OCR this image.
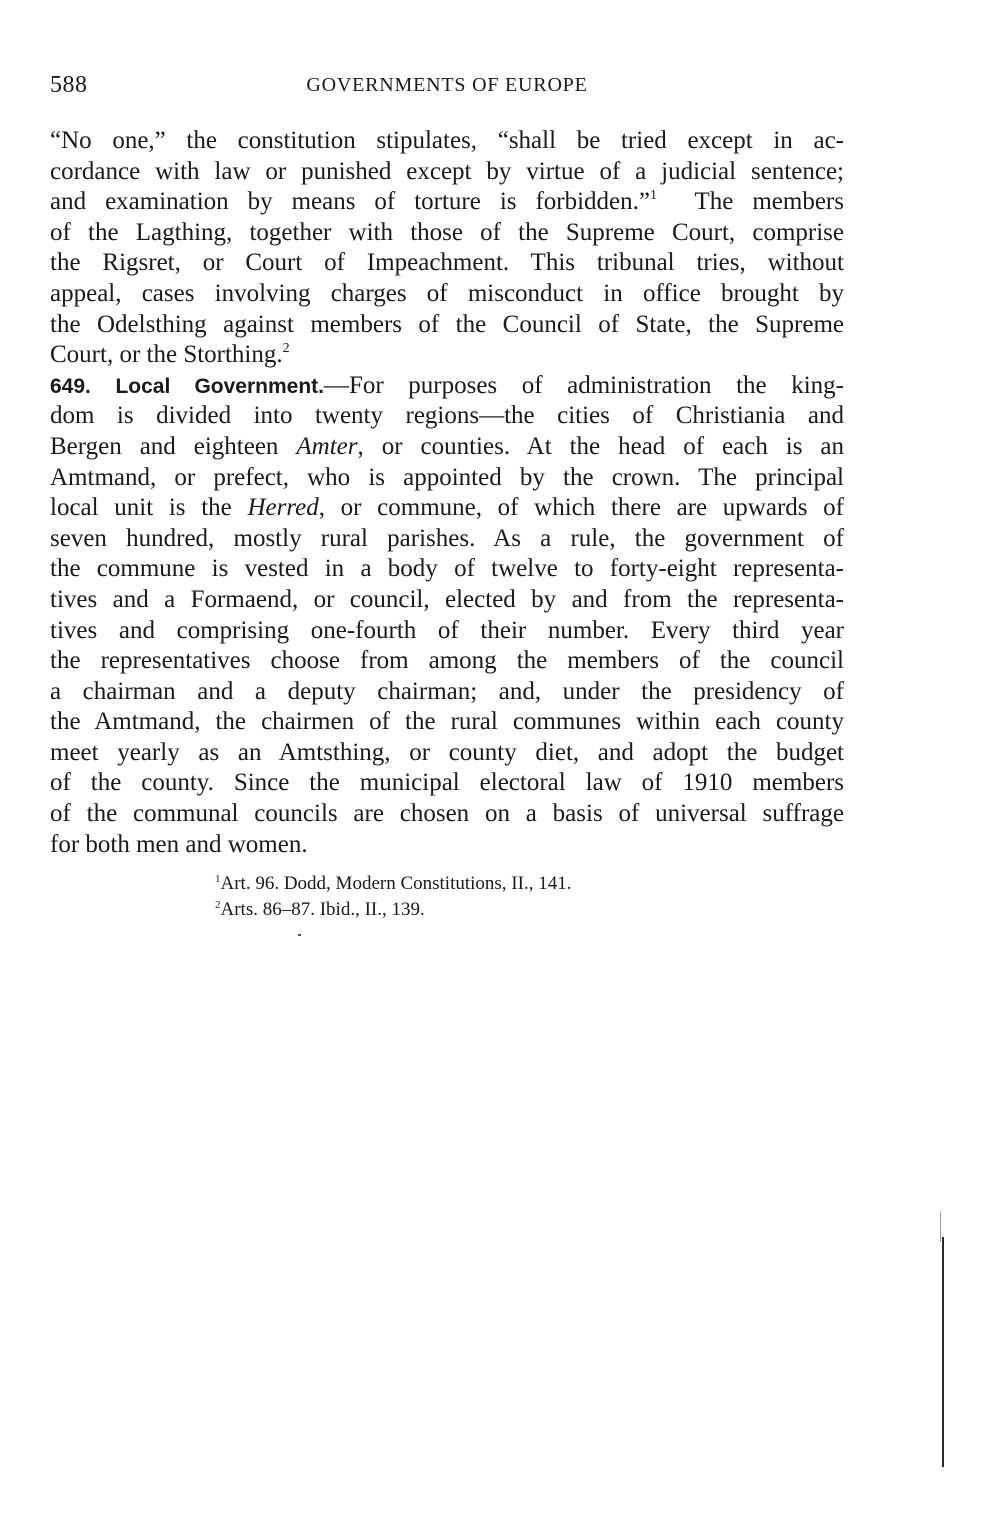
588	GOVERNMENTS OF EUROPE
“No one,” the constitution stipulates, “shall be tried except in ac-
cordance with law or punished except by virtue of a judicial sentence;
and examination by means of torture is forbidden.”$^1$ The members
of the Lagthing, together with those of the Supreme Court, comprise
the Rigsret, or Court of Impeachment. This tribunal tries, without
appeal, cases involving charges of misconduct in office brought by
the Odelsthing against members of the Council of State, the Supreme
Court, or the Storthing.$^2$
649. Local Government.—For purposes of administration the king-
dom is divided into twenty regions—the cities of Christiania and
Bergen and eighteen Amter, or counties. At the head of each is an
Amtmand, or prefect, who is appointed by the crown. The principal
local unit is the Herred, or commune, of which there are upwards of
seven hundred, mostly rural parishes. As a rule, the government of
the commune is vested in a body of twelve to forty-eight representa-
tives and a Formaend, or council, elected by and from the representa-
tives and comprising one-fourth of their number. Every third year
the representatives choose from among the members of the council
a chairman and a deputy chairman; and, under the presidency of
the Amtmand, the chairmen of the rural communes within each county
meet yearly as an Amtsthing, or county diet, and adopt the budget
of the county. Since the municipal electoral law of 1910 members
of the communal councils are chosen on a basis of universal suffrage
for both men and women.
$^1$Art. 96. Dodd, Modern Constitutions, II., 141.
$^2$Arts. 86–87. Ibid., II., 139.
